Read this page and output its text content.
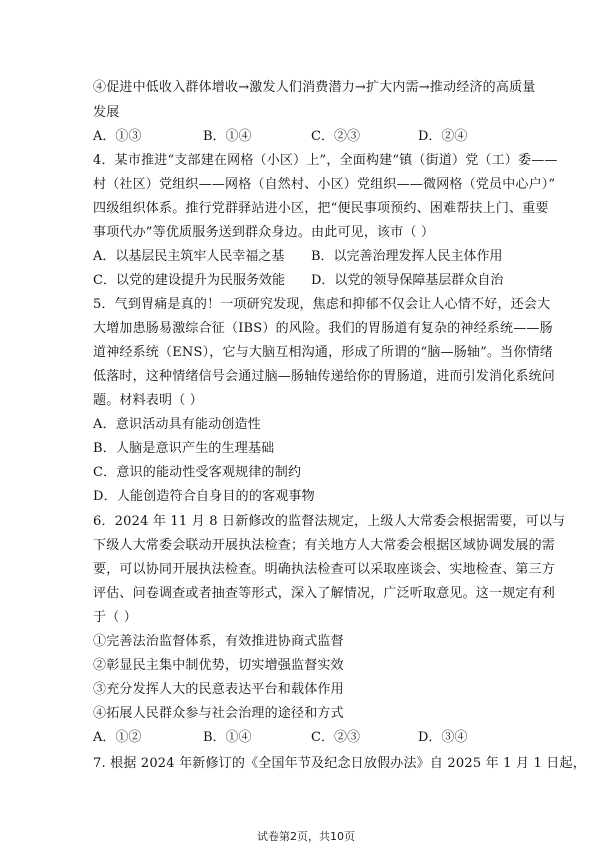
④促进中低收入群体增收→激发人们消费潜力→扩大内需→推动经济的高质量
发展
A．①③	B．①④	C．②③	D．②④
4．某市推进“支部建在网格（小区）上”，全面构建“镇（街道）党（工）委——
村（社区）党组织——网格（自然村、小区）党组织——微网格（党员中心户）”
四级组织体系。推行党群驿站进小区，把“便民事项预约、困难帮扶上门、重要
事项代办”等优质服务送到群众身边。由此可见，该市（ ）
A．以基层民主筑牢人民幸福之基 B．以完善治理发挥人民主体作用
C．以党的建设提升为民服务效能 D．以党的领导保障基层群众自治
5．气到胃痛是真的！一项研究发现，焦虑和抑郁不仅会让人心情不好，还会大
大增加患肠易激综合征（IBS）的风险。我们的胃肠道有复杂的神经系统——肠
道神经系统（ENS），它与大脑互相沟通，形成了所谓的“脑—肠轴”。当你情绪
低落时，这种情绪信号会通过脑—肠轴传递给你的胃肠道，进而引发消化系统问
题。材料表明（ ）
A．意识活动具有能动创造性
B．人脑是意识产生的生理基础
C．意识的能动性受客观规律的制约
D．人能创造符合自身目的的客观事物
6．2024 年 11 月 8 日新修改的监督法规定，上级人大常委会根据需要，可以与
下级人大常委会联动开展执法检查；有关地方人大常委会根据区域协调发展的需
要，可以协同开展执法检查。明确执法检查可以采取座谈会、实地检查、第三方
评估、问卷调查或者抽查等形式，深入了解情况，广泛听取意见。这一规定有利
于（ ）
①完善法治监督体系，有效推进协商式监督
②彰显民主集中制优势，切实增强监督实效
③充分发挥人大的民意表达平台和载体作用
④拓展人民群众参与社会治理的途径和方式
A．①②	B．①④	C．②③	D．③④
7. 根据 2024 年新修订的《全国年节及纪念日放假办法》自 2025 年 1 月 1 日起，
试卷第2页，共10页
